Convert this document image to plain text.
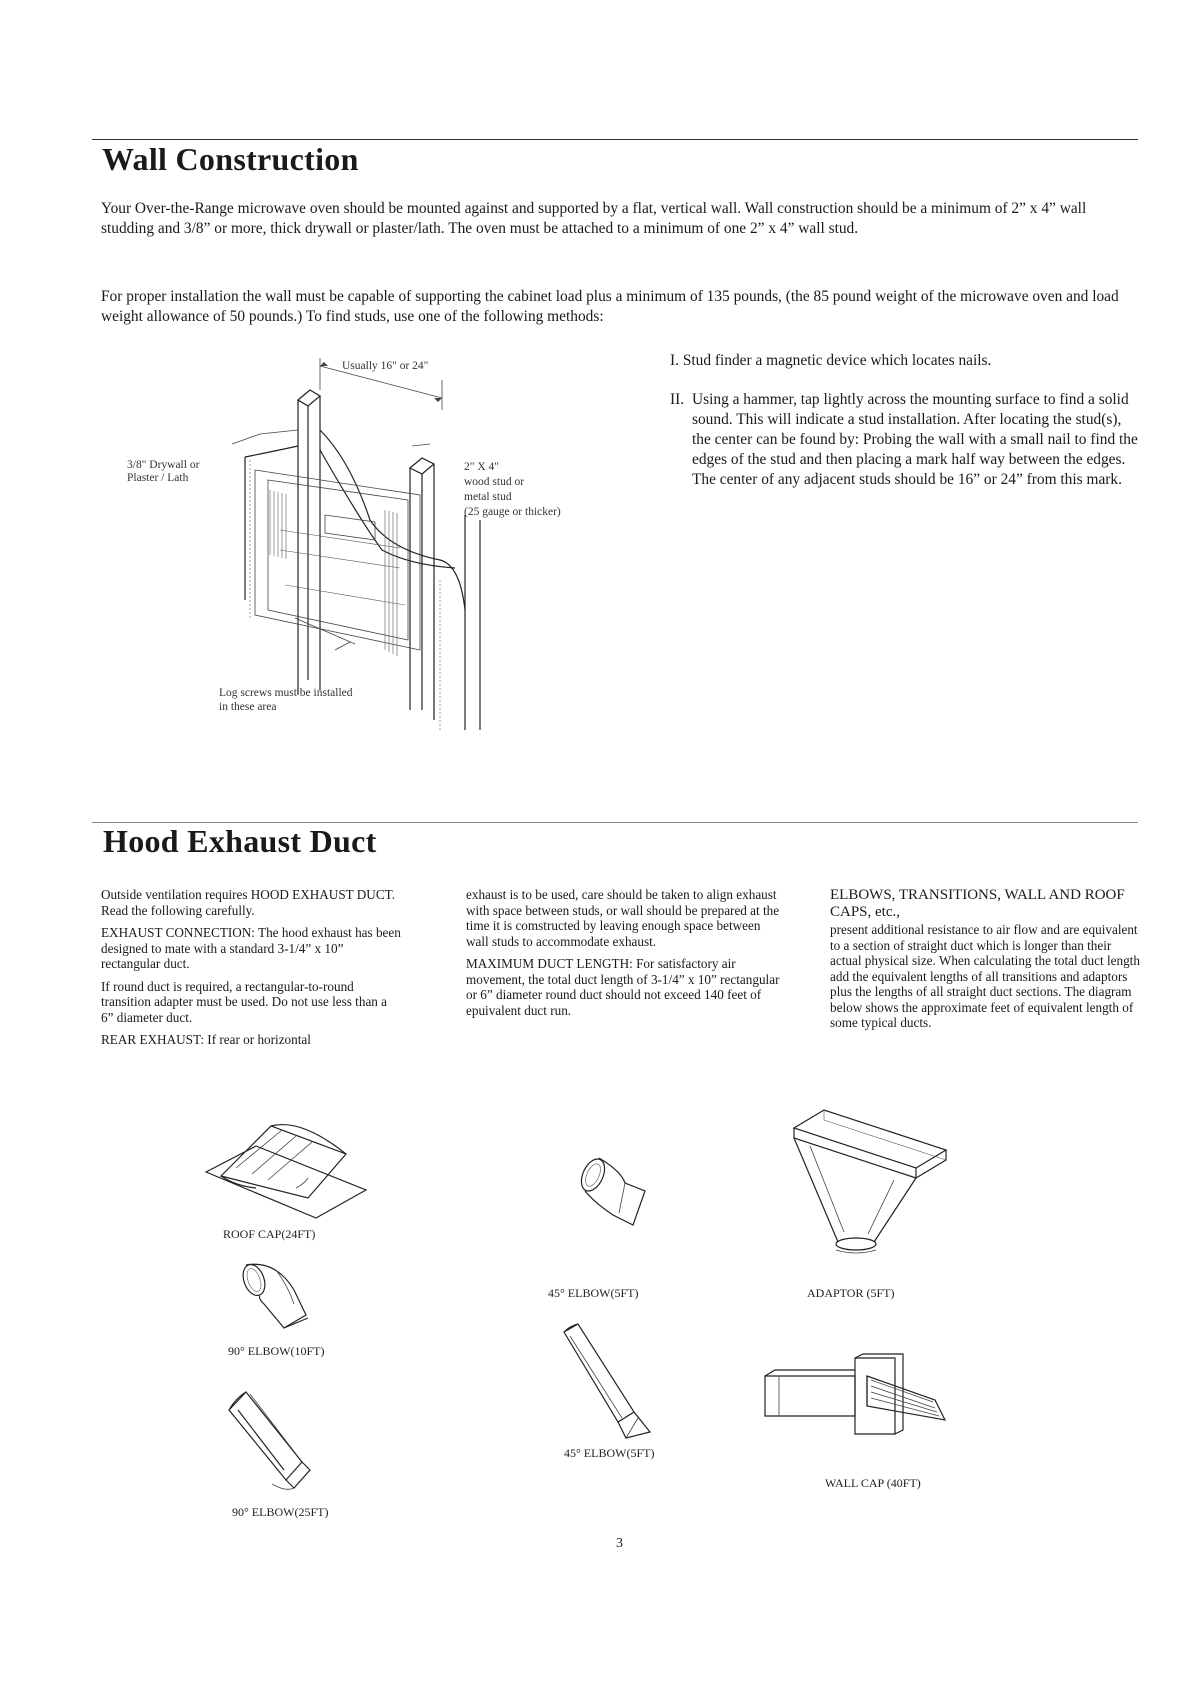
Wall Construction
Your Over-the-Range microwave oven should be mounted against and supported by a flat, vertical wall. Wall construction should be a minimum of 2” x 4” wall studding and 3/8” or more, thick drywall or plaster/lath. The oven must be attached to a minimum of one 2” x 4” wall stud.
For proper installation the wall must be capable of supporting the cabinet load plus a minimum of 135 pounds, (the 85 pound weight of the microwave oven and load weight allowance of 50 pounds.) To find studs, use one of the following methods:
I. Stud finder a magnetic device which locates nails.
II. Using a hammer, tap lightly across the mounting surface to find a solid sound. This will indicate a stud installation. After locating the stud(s), the center can be found by: Probing the wall with a small nail to find the edges of the stud and then placing a mark half way between the edges. The center of any adjacent studs should be 16” or 24” from this mark.
Usually 16" or 24"
3/8" Drywall or
Plaster / Lath
2" X 4"
wood stud or
metal stud
(25 gauge or thicker)
Log screws must be installed
in these area
Hood Exhaust Duct

Outside ventilation requires HOOD EXHAUST DUCT. Read the following carefully.

EXHAUST CONNECTION: The hood exhaust has been designed to mate with a standard 3-1/4” x 10” rectangular duct.

If round duct is required, a rectangular-to-round transition adapter must be used. Do not use less than a 6” diameter duct.

REAR EXHAUST: If rear or horizontal

exhaust is to be used, care should be taken to align exhaust with space between studs, or wall should be prepared at the time it is comstructed by leaving enough space between wall studs to accommodate exhaust.

MAXIMUM DUCT LENGTH: For satisfactory air movement, the total duct length of 3-1/4” x 10” rectangular or 6” diameter round duct should not exceed 140 feet of epuivalent duct run.

ELBOWS, TRANSITIONS, WALL AND ROOF CAPS, etc.,

present additional resistance to air flow and are equivalent to a section of straight duct which is longer than their actual physical size. When calculating the total duct length add the equivalent lengths of all transitions and adaptors plus the lengths of all straight duct sections. The diagram below shows the approximate feet of equivalent length of some typical ducts.

ROOF CAP(24FT)
90° ELBOW(10FT)
90° ELBOW(25FT)
45° ELBOW(5FT)
45° ELBOW(5FT)
ADAPTOR (5FT)
WALL CAP (40FT)
3
